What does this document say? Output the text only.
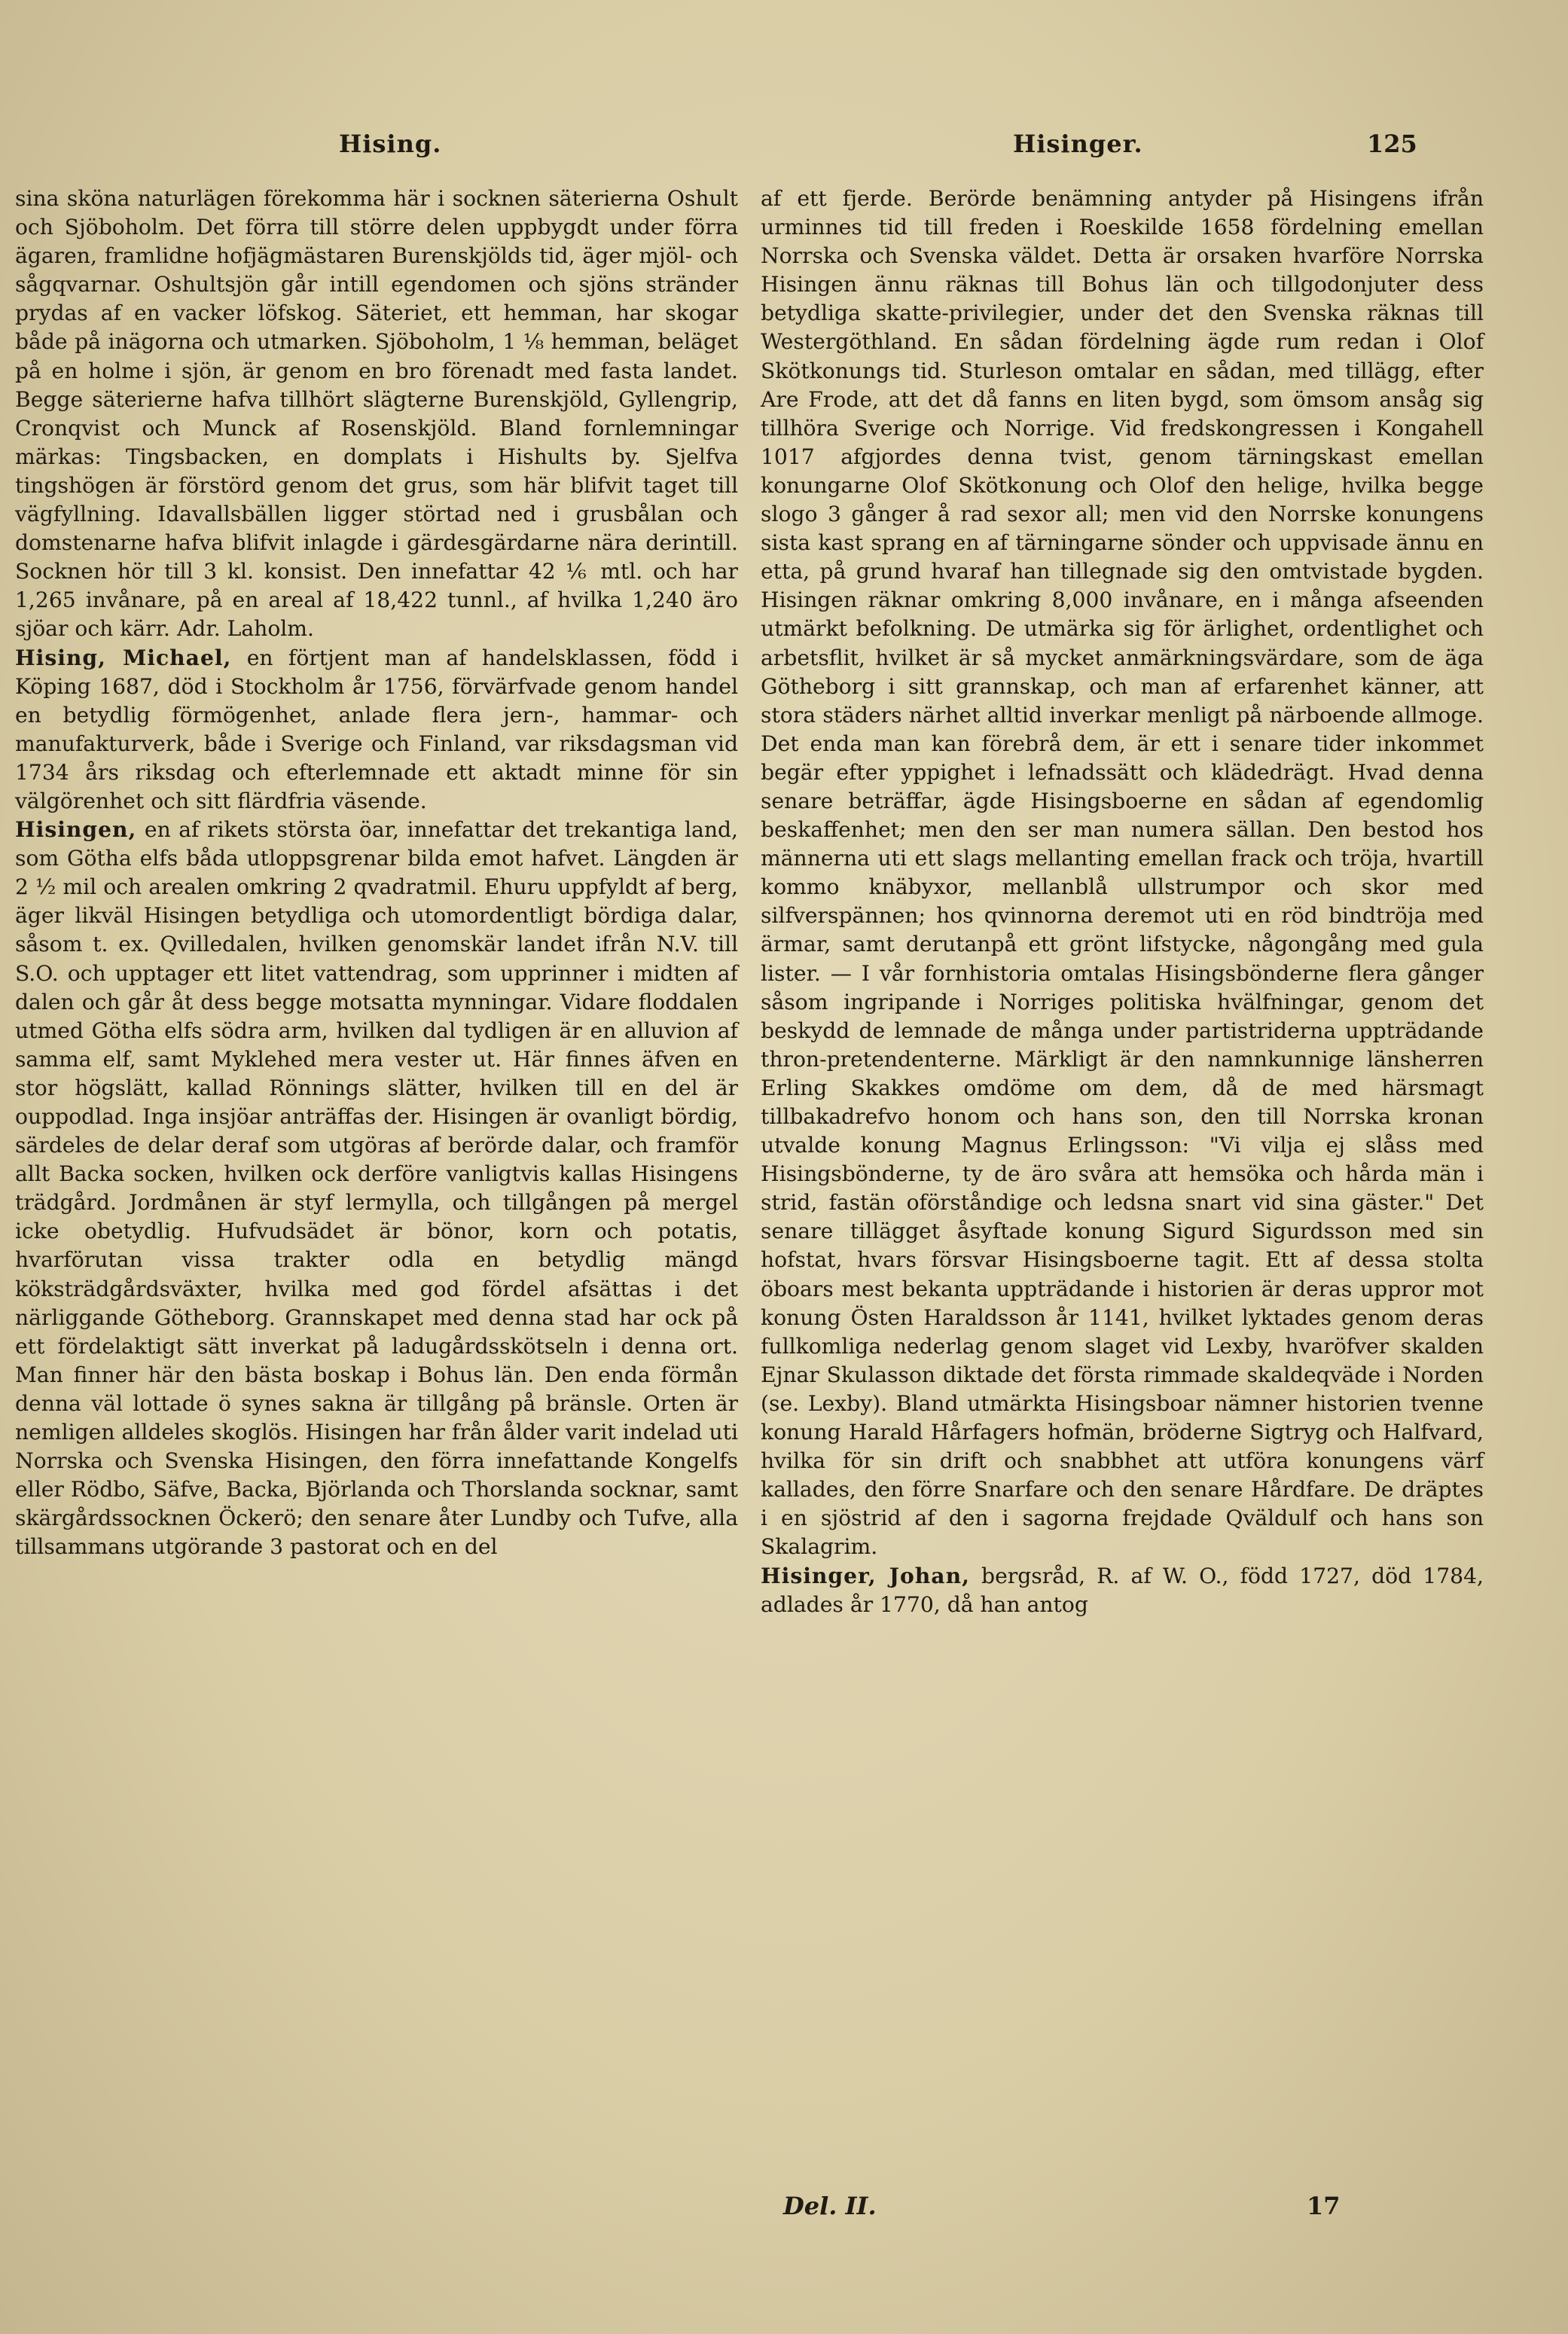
Hising.	Hisinger.	125

sina sköna naturlägen förekomma här i socknen säterierna Oshult och Sjöboholm. Det förra till större delen uppbygdt under förra ägaren, framlidne hofjägmästaren Burenskjölds tid, äger mjöl- och sågqvarnar. Oshultsjön går intill egendomen och sjöns stränder prydas af en vacker löfskog. Säteriet, ett hemman, har skogar både på inägorna och utmarken. Sjöboholm, 1 ⅛ hemman, beläget på en holme i sjön, är genom en bro förenadt med fasta landet. Begge säterierne hafva tillhört slägterne Burenskjöld, Gyllengrip, Cronqvist och Munck af Rosenskjöld. Bland fornlemningar märkas: Tingsbacken, en domplats i Hishults by. Sjelfva tingshögen är förstörd genom det grus, som här blifvit taget till vägfyllning. Idavallsbällen ligger störtad ned i grusbålan och domstenarne hafva blifvit inlagde i gärdesgärdarne nära derintill. Socknen hör till 3 kl. konsist. Den innefattar 42 ⅙ mtl. och har 1,265 invånare, på en areal af 18,422 tunnl., af hvilka 1,240 äro sjöar och kärr. Adr. Laholm.

Hising, Michael, en förtjent man af handelsklassen, född i Köping 1687, död i Stockholm år 1756, förvärfvade genom handel en betydlig förmögenhet, anlade flera jern-, hammar- och manufakturverk, både i Sverige och Finland, var riksdagsman vid 1734 års riksdag och efterlemnade ett aktadt minne för sin välgörenhet och sitt flärdfria väsende.

Hisingen, en af rikets största öar, innefattar det trekantiga land, som Götha elfs båda utloppsgrenar bilda emot hafvet. Längden är 2 ½ mil och arealen omkring 2 qvadratmil. Ehuru uppfyldt af berg, äger likväl Hisingen betydliga och utomordentligt bördiga dalar, såsom t. ex. Qvilledalen, hvilken genomskär landet ifrån N.V. till S.O. och upptager ett litet vattendrag, som upprinner i midten af dalen och går åt dess begge motsatta mynningar. Vidare floddalen utmed Götha elfs södra arm, hvilken dal tydligen är en alluvion af samma elf, samt Myklehed mera vester ut. Här finnes äfven en stor högslätt, kallad Rönnings slätter, hvilken till en del är ouppodlad. Inga insjöar anträffas der. Hisingen är ovanligt bördig, särdeles de delar deraf som utgöras af berörde dalar, och framför allt Backa socken, hvilken ock derföre vanligtvis kallas Hisingens trädgård. Jordmånen är styf lermylla, och tillgången på mergel icke obetydlig. Hufvudsädet är bönor, korn och potatis, hvarförutan vissa trakter odla en betydlig mängd köksträdgårdsväxter, hvilka med god fördel afsättas i det närliggande Götheborg. Grannskapet med denna stad har ock på ett fördelaktigt sätt inverkat på ladugårdsskötseln i denna ort. Man finner här den bästa boskap i Bohus län. Den enda förmån denna väl lottade ö synes sakna är tillgång på bränsle. Orten är nemligen alldeles skoglös. Hisingen har från ålder varit indelad uti Norrska och Svenska Hisingen, den förra innefattande Kongelfs eller Rödbo, Säfve, Backa, Björlanda och Thorslanda socknar, samt skärgårdssocknen Öckerö; den senare åter Lundby och Tufve, alla tillsammans utgörande 3 pastorat och en del

af ett fjerde. Berörde benämning antyder på Hisingens ifrån urminnes tid till freden i Roeskilde 1658 fördelning emellan Norrska och Svenska väldet. Detta är orsaken hvarföre Norrska Hisingen ännu räknas till Bohus län och tillgodonjuter dess betydliga skatte-privilegier, under det den Svenska räknas till Westergöthland. En sådan fördelning ägde rum redan i Olof Skötkonungs tid. Sturleson omtalar en sådan, med tillägg, efter Are Frode, att det då fanns en liten bygd, som ömsom ansåg sig tillhöra Sverige och Norrige. Vid fredskongressen i Kongahell 1017 afgjordes denna tvist, genom tärningskast emellan konungarne Olof Skötkonung och Olof den helige, hvilka begge slogo 3 gånger å rad sexor all; men vid den Norrske konungens sista kast sprang en af tärningarne sönder och uppvisade ännu en etta, på grund hvaraf han tillegnade sig den omtvistade bygden. Hisingen räknar omkring 8,000 invånare, en i många afseenden utmärkt befolkning. De utmärka sig för ärlighet, ordentlighet och arbetsflit, hvilket är så mycket anmärkningsvärdare, som de äga Götheborg i sitt grannskap, och man af erfarenhet känner, att stora städers närhet alltid inverkar menligt på närboende allmoge. Det enda man kan förebrå dem, är ett i senare tider inkommet begär efter yppighet i lefnadssätt och klädedrägt. Hvad denna senare beträffar, ägde Hisingsboerne en sådan af egendomlig beskaffenhet; men den ser man numera sällan. Den bestod hos männerna uti ett slags mellanting emellan frack och tröja, hvartill kommo knäbyxor, mellanblå ullstrumpor och skor med silfverspännen; hos qvinnorna deremot uti en röd bindtröja med ärmar, samt derutanpå ett grönt lifstycke, någongång med gula lister. — I vår fornhistoria omtalas Hisingsbönderne flera gånger såsom ingripande i Norriges politiska hvälfningar, genom det beskydd de lemnade de många under partistriderna uppträdande thron-pretendenterne. Märkligt är den namnkunnige länsherren Erling Skakkes omdöme om dem, då de med härsmagt tillbakadrefvo honom och hans son, den till Norrska kronan utvalde konung Magnus Erlingsson: "Vi vilja ej slåss med Hisingsbönderne, ty de äro svåra att hemsöka och hårda män i strid, fastän oförståndige och ledsna snart vid sina gäster." Det senare tillägget åsyftade konung Sigurd Sigurdsson med sin hofstat, hvars försvar Hisingsboerne tagit. Ett af dessa stolta öboars mest bekanta uppträdande i historien är deras uppror mot konung Östen Haraldsson år 1141, hvilket lyktades genom deras fullkomliga nederlag genom slaget vid Lexby, hvaröfver skalden Ejnar Skulasson diktade det första rimmade skaldeqväde i Norden (se. Lexby). Bland utmärkta Hisingsboar nämner historien tvenne konung Harald Hårfagers hofmän, bröderne Sigtryg och Halfvard, hvilka för sin drift och snabbhet att utföra konungens värf kallades, den förre Snarfare och den senare Hårdfare. De dräptes i en sjöstrid af den i sagorna frejdade Qväldulf och hans son Skalagrim.

Hisinger, Johan, bergsråd, R. af W. O., född 1727, död 1784, adlades år 1770, då han antog

Del. II.	17
